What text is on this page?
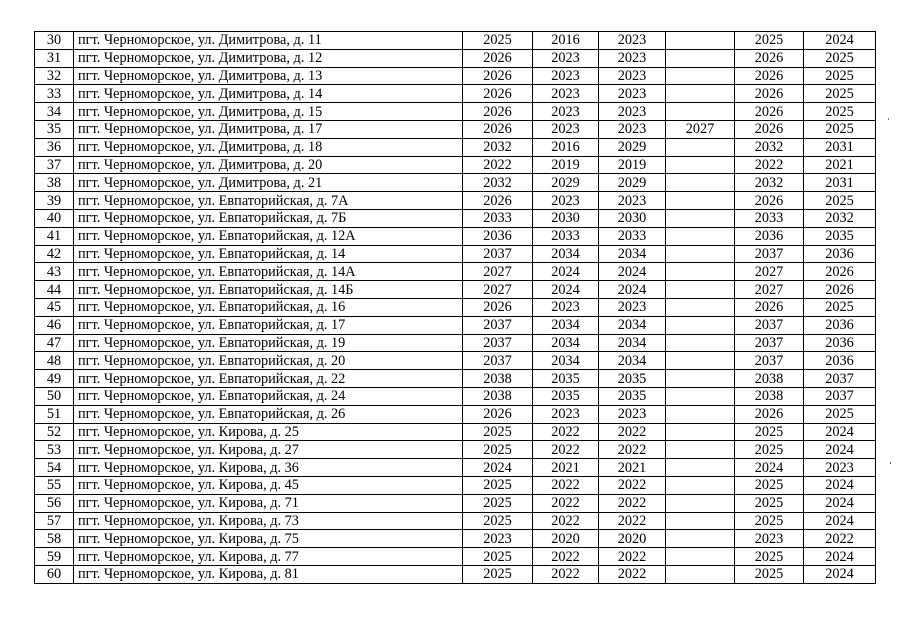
30	пгт. Черноморское, ул. Димитрова, д. 11	2025	2016	2023		2025	2024
31	пгт. Черноморское, ул. Димитрова, д. 12	2026	2023	2023		2026	2025
32	пгт. Черноморское, ул. Димитрова, д. 13	2026	2023	2023		2026	2025
33	пгт. Черноморское, ул. Димитрова, д. 14	2026	2023	2023		2026	2025
34	пгт. Черноморское, ул. Димитрова, д. 15	2026	2023	2023		2026	2025
35	пгт. Черноморское, ул. Димитрова, д. 17	2026	2023	2023	2027	2026	2025
36	пгт. Черноморское, ул. Димитрова, д. 18	2032	2016	2029		2032	2031
37	пгт. Черноморское, ул. Димитрова, д. 20	2022	2019	2019		2022	2021
38	пгт. Черноморское, ул. Димитрова, д. 21	2032	2029	2029		2032	2031
39	пгт. Черноморское, ул. Евпаторийская, д. 7А	2026	2023	2023		2026	2025
40	пгт. Черноморское, ул. Евпаторийская, д. 7Б	2033	2030	2030		2033	2032
41	пгт. Черноморское, ул. Евпаторийская, д. 12А	2036	2033	2033		2036	2035
42	пгт. Черноморское, ул. Евпаторийская, д. 14	2037	2034	2034		2037	2036
43	пгт. Черноморское, ул. Евпаторийская, д. 14А	2027	2024	2024		2027	2026
44	пгт. Черноморское, ул. Евпаторийская, д. 14Б	2027	2024	2024		2027	2026
45	пгт. Черноморское, ул. Евпаторийская, д. 16	2026	2023	2023		2026	2025
46	пгт. Черноморское, ул. Евпаторийская, д. 17	2037	2034	2034		2037	2036
47	пгт. Черноморское, ул. Евпаторийская, д. 19	2037	2034	2034		2037	2036
48	пгт. Черноморское, ул. Евпаторийская, д. 20	2037	2034	2034		2037	2036
49	пгт. Черноморское, ул. Евпаторийская, д. 22	2038	2035	2035		2038	2037
50	пгт. Черноморское, ул. Евпаторийская, д. 24	2038	2035	2035		2038	2037
51	пгт. Черноморское, ул. Евпаторийская, д. 26	2026	2023	2023		2026	2025
52	пгт. Черноморское, ул. Кирова, д. 25	2025	2022	2022		2025	2024
53	пгт. Черноморское, ул. Кирова, д. 27	2025	2022	2022		2025	2024
54	пгт. Черноморское, ул. Кирова, д. 36	2024	2021	2021		2024	2023
55	пгт. Черноморское, ул. Кирова, д. 45	2025	2022	2022		2025	2024
56	пгт. Черноморское, ул. Кирова, д. 71	2025	2022	2022		2025	2024
57	пгт. Черноморское, ул. Кирова, д. 73	2025	2022	2022		2025	2024
58	пгт. Черноморское, ул. Кирова, д. 75	2023	2020	2020		2023	2022
59	пгт. Черноморское, ул. Кирова, д. 77	2025	2022	2022		2025	2024
60	пгт. Черноморское, ул. Кирова, д. 81	2025	2022	2022		2025	2024
